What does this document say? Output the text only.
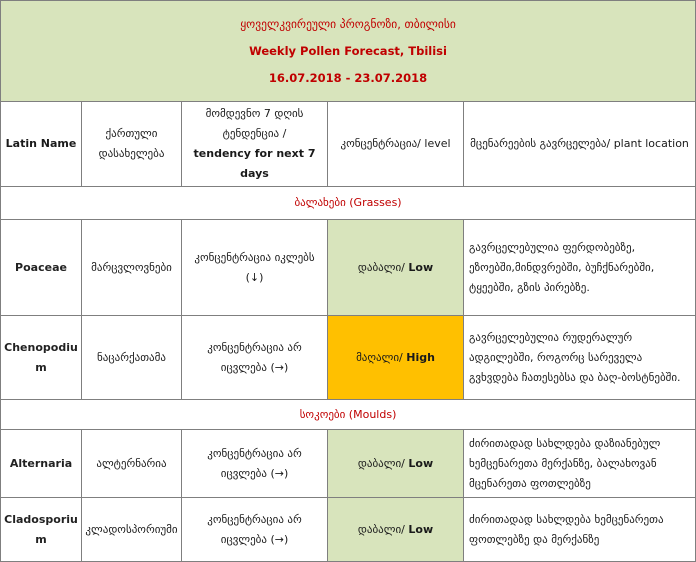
ყოველკვირეული პროგნოზი, თბილისი
Weekly Pollen Forecast, Tbilisi
16.07.2018 - 23.07.2018				

Latin Name	ქართული დასახელება	მომდევნო 7 დღის ტენდენცია /
tendency for next 7 days	კონცენტრაცია/ level	მცენარეების გავრცელება/ plant location
ბალახები (Grasses)				
Poaceae	მარცვლოვნები	კონცენტრაცია იკლებს (↓)	დაბალი/ Low	გავრცელებულია ფერდობებზე, ეზოებში,მინდვრებში, ბუჩქნარებში, ტყეებში, გზის პირებზე.
Chenopodium	ნაცარქათამა	კონცენტრაცია არ იცვლება (→)	მაღალი/ High	გავრცელებულია რუდერალურ ადგილებში, როგორც სარეველა გვხვდება ჩათესებსა და ბაღ-ბოსტნებში.
სოკოები (Moulds)				
Alternaria	ალტერნარია	კონცენტრაცია არ იცვლება (→)	დაბალი/ Low	ძირითადად სახლდება დაზიანებულ ხემცენარეთა მერქანზე, ბალახოვან მცენარეთა ფოთლებზე
Cladosporium	კლადოსპორიუმი	კონცენტრაცია არ იცვლება (→)	დაბალი/ Low	ძირითადად სახლდება ხემცენარეთა ფოთლებზე და მერქანზე
